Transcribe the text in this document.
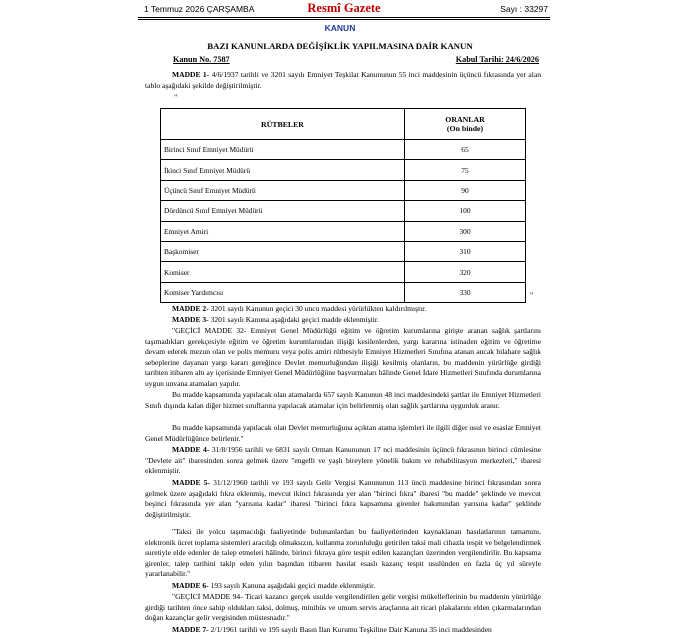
1 Temmuz 2026 ÇARŞAMBA	Resmî Gazete	Sayı : 33297
KANUN
BAZI KANUNLARDA DEĞİŞİKLİK YAPILMASINA DAİR KANUN
Kanun No. 7587	Kabul Tarihi: 24/6/2026
MADDE 1- 4/6/1937 tarihli ve 3201 sayılı Emniyet Teşkilat Kanununun 55 inci maddesinin üçüncü fıkrasında yer alan tablo aşağıdaki şekilde değiştirilmiştir.
"
RÜTBELER	ORANLAR
(On binde)

Birinci Sınıf Emniyet Müdürü	65
İkinci Sınıf Emniyet Müdürü	75
Üçüncü Sınıf Emniyet Müdürü	90
Dördüncü Sınıf Emniyet Müdürü	100
Emniyet Amiri	300
Başkomiser	310
Komiser	320
Komiser Yardımcısı	330	"
MADDE 2- 3201 sayılı Kanunun geçici 30 uncu maddesi yürürlükten kaldırılmıştır.
MADDE 3- 3201 sayılı Kanuna aşağıdaki geçici madde eklenmiştir.
"GEÇİCİ MADDE 32- Emniyet Genel Müdürlüğü eğitim ve öğretim kurumlarına girişte aranan sağlık şartlarını taşımadıkları gerekçesiyle eğitim ve öğretim kurumlarından ilişiği kesilenlerden, yargı kararına istinaden eğitim ve öğretime devam ederek mezun olan ve polis memuru veya polis amiri rütbesiyle Emniyet Hizmetleri Sınıfına atanan ancak bilahare sağlık sebeplerine dayanan yargı kararı gereğince Devlet memurluğundan ilişiği kesilmiş olanların, bu maddenin yürürlüğe girdiği tarihten itibaren altı ay içerisinde Emniyet Genel Müdürlüğüne başvurmaları hâlinde Genel İdare Hizmetleri Sınıfında durumlarına uygun unvana atamaları yapılır.
Bu madde kapsamında yapılacak olan atamalarda 657 sayılı Kanunun 48 inci maddesindeki şartlar ile Emniyet Hizmetleri Sınıfı dışında kalan diğer hizmet sınıflarına yapılacak atamalar için belirlenmiş olan sağlık şartlarına uygunluk aranır.
Bu madde kapsamında yapılacak olan Devlet memurluğuna açıktan atama işlemleri ile ilgili diğer usul ve esaslar Emniyet Genel Müdürlüğünce belirlenir."
MADDE 4- 31/8/1956 tarihli ve 6831 sayılı Orman Kanununun 17 nci maddesinin üçüncü fıkrasının birinci cümlesine "Devlete ait" ibaresinden sonra gelmek üzere "engelli ve yaşlı bireylere yönelik bakım ve rehabilitasyon merkezleri," ibaresi eklenmiştir.
MADDE 5- 31/12/1960 tarihli ve 193 sayılı Gelir Vergisi Kanununun 113 üncü maddesine birinci fıkrasından sonra gelmek üzere aşağıdaki fıkra eklenmiş, mevcut ikinci fıkrasında yer alan "birinci fıkra" ibaresi "bu madde" şeklinde ve mevcut beşinci fıkrasında yer alan "yarısına kadar" ibaresi "birinci fıkra kapsamına girenler bakımından yarısına kadar" şeklinde değiştirilmiştir.
"Taksi ile yolcu taşımacılığı faaliyetinde bulunanlardan bu faaliyetlerinden kaynaklanan hasılatlarının tamamını, elektronik ücret toplama sistemleri aracılığı olmaksızın, kullanma zorunluluğu getirilen taksi mali cihazla tespit ve belgelendirmek suretiyle elde edenler de talep etmeleri hâlinde, birinci fıkraya göre tespit edilen kazançları üzerinden vergilendirilir. Bu kapsama girenler, talep tarihini takip eden yılın başından itibaren hasılat esaslı kazanç tespit usulünden en fazla üç yıl süreyle yararlanabilir."
MADDE 6- 193 sayılı Kanuna aşağıdaki geçici madde eklenmiştir.
"GEÇİCİ MADDE 94- Ticari kazancı gerçek usulde vergilendirilen gelir vergisi mükelleflerinin bu maddenin yürürlüğe girdiği tarihten önce sahip oldukları taksi, dolmuş, minibüs ve umum servis araçlarına ait ticari plakalarını elden çıkarmalarından doğan kazançlar gelir vergisinden müstesnadır."
MADDE 7- 2/1/1961 tarihli ve 195 sayılı Basın İlan Kurumu Teşkiline Dair Kanuna 35 inci maddesinden
